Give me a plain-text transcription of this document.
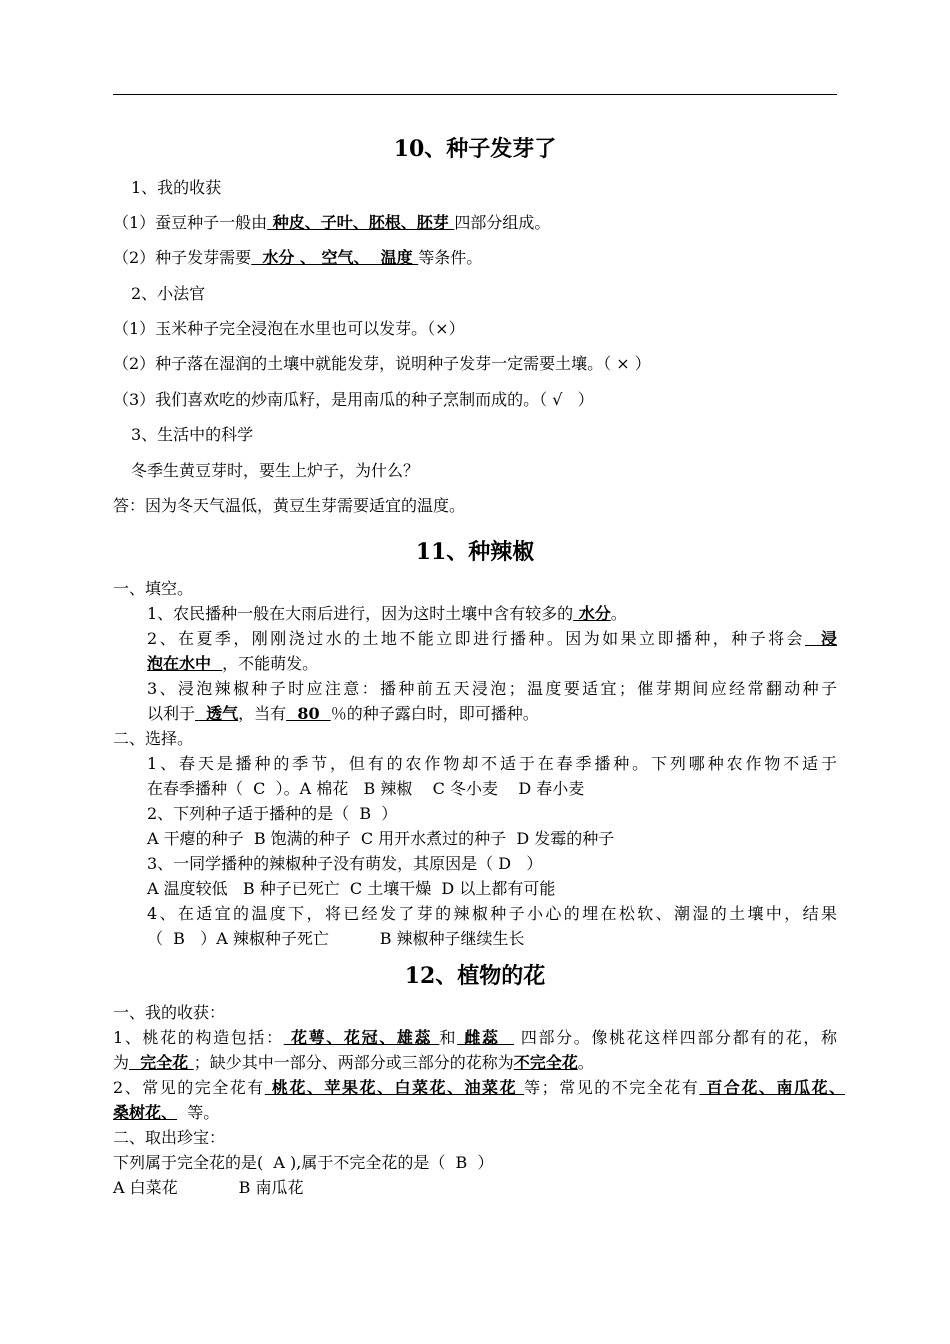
10、种子发芽了
1、我的收获
（1）蚕豆种子一般由 种皮、子叶、胚根、胚芽 四部分组成。
（2）种子发芽需要  水分 、 空气、  温度 等条件。
2、小法官
（1）玉米种子完全浸泡在水里也可以发芽。（×）
（2）种子落在湿润的土壤中就能发芽，说明种子发芽一定需要土壤。（ × ）
（3）我们喜欢吃的炒南瓜籽，是用南瓜的种子烹制而成的。（ √   ）
3、生活中的科学
冬季生黄豆芽时，要生上炉子，为什么？
答：因为冬天气温低，黄豆生芽需要适宜的温度。
11、种辣椒
一、填空。
1、农民播种一般在大雨后进行，因为这时土壤中含有较多的 水分。
2、在夏季，刚刚浇过水的土地不能立即进行播种。因为如果立即播种，种子将会  浸
泡在水中  ，不能萌发。
3、浸泡辣椒种子时应注意：播种前五天浸泡；温度要适宜；催芽期间应经常翻动种子
以利于  透气，当有  80  ％的种子露白时，即可播种。
二、选择。
1、春天是播种的季节，但有的农作物却不适于在春季播种。下列哪种农作物不适于
在春季播种（  C  ）。A 棉花   B 辣椒    C 冬小麦    D 春小麦
2、下列种子适于播种的是（  B  ）
A 干瘪的种子  B 饱满的种子  C 用开水煮过的种子  D 发霉的种子
3、一同学播种的辣椒种子没有萌发，其原因是（ D   ）
A 温度较低   B 种子已死亡  C 土壤干燥  D 以上都有可能
4、在适宜的温度下，将已经发了芽的辣椒种子小心的埋在松软、潮湿的土壤中，结果
（  B   ）A 辣椒种子死亡          B 辣椒种子继续生长
12、植物的花
一、我的收获：
1、桃花的构造包括： 花萼、花冠、雄蕊 和 雌蕊   四部分。像桃花这样四部分都有的花，称
为  完全花 ；缺少其中一部分、两部分或三部分的花称为不完全花。
2、常见的完全花有 桃花、苹果花、白菜花、油菜花 等；常见的不完全花有 百合花、南瓜花、
桑树花、  等。
二、取出珍宝：
下列属于完全花的是(  A ),属于不完全花的是（  B  ）
A 白菜花            B 南瓜花
